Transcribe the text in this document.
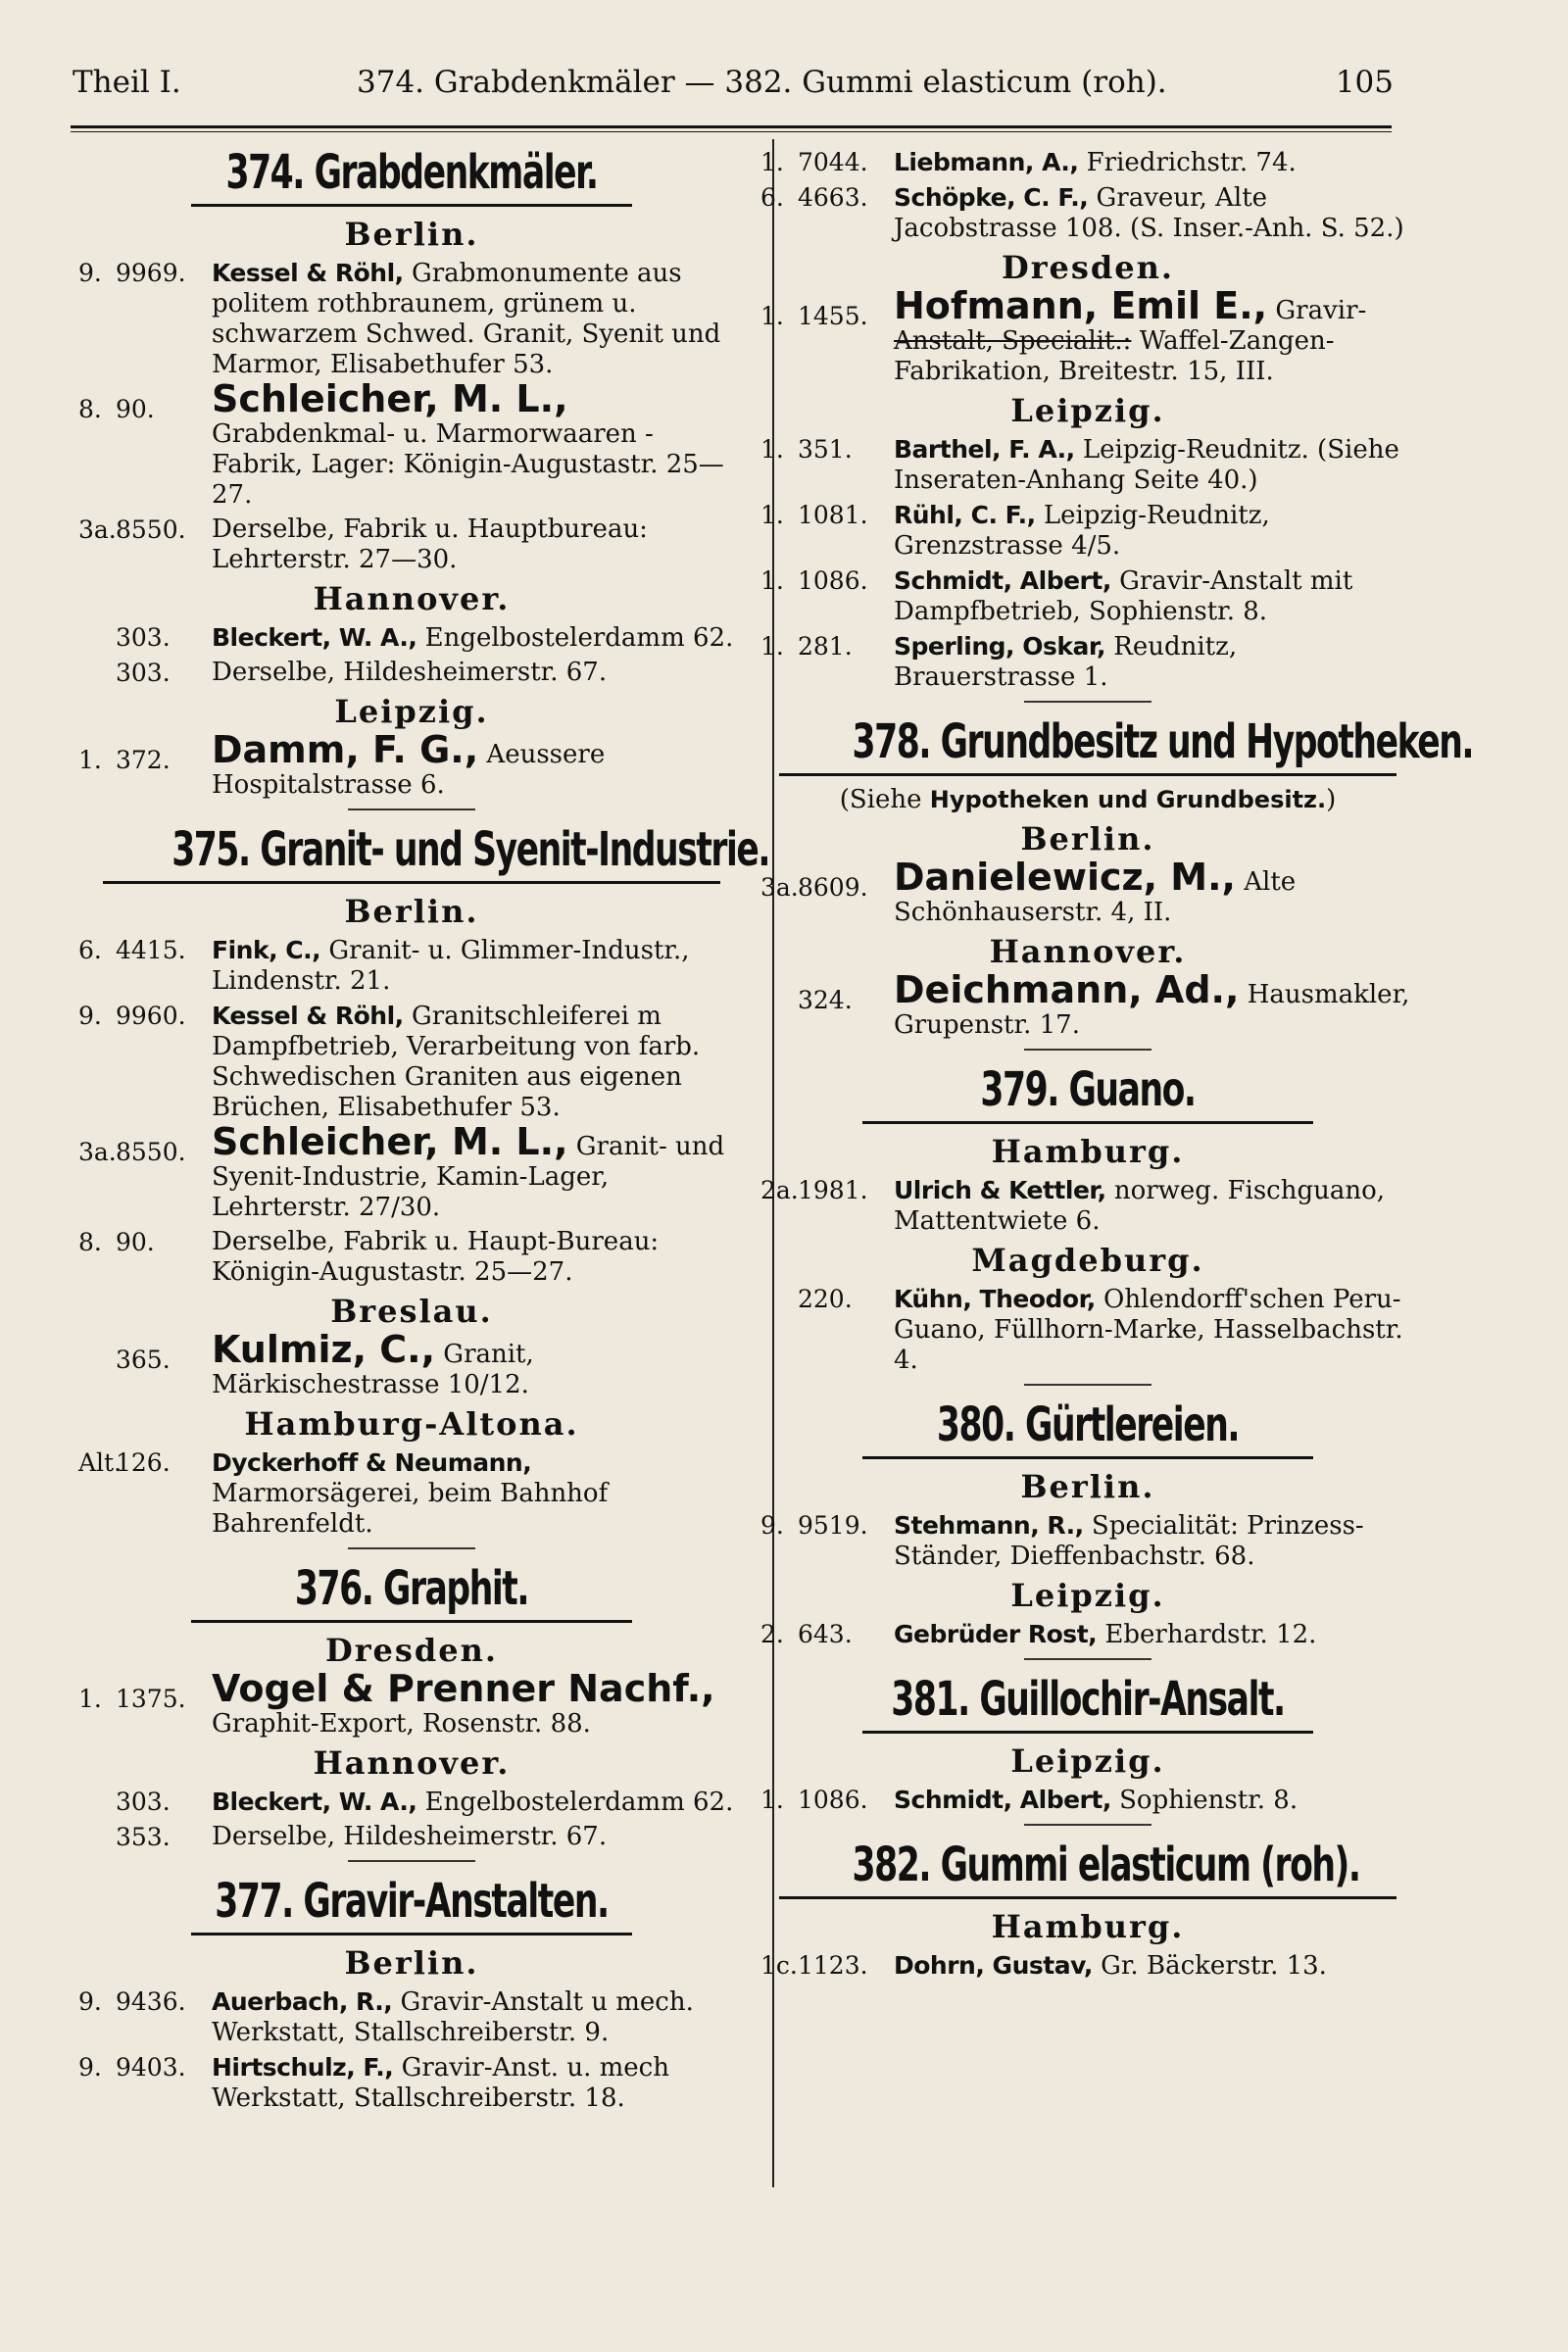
Theil I.	374. Grabdenkmäler — 382. Gummi elasticum (roh).	105
374. Grabdenkmäler.
Berlin.
9. 9969.	Kessel & Röhl, Grabmonumente aus politem rothbraunem, grünem u. schwarzem Schwed. Granit, Syenit und Marmor, Elisabethufer 53.
8. 90.	Schleicher, M. L., Grabdenkmal- u. Marmorwaaren - Fabrik, Lager: Königin-Augustastr. 25—27.
3a.8550.	Derselbe, Fabrik u. Hauptbureau: Lehrterstr. 27—30.
Hannover.
303.	Bleckert, W. A., Engelbostelerdamm 62.
303.	Derselbe, Hildesheimerstr. 67.
Leipzig.
1. 372.	Damm, F. G., Aeussere Hospitalstrasse 6.
375. Granit- und Syenit-Industrie.
Berlin.
6. 4415.	Fink, C., Granit- u. Glimmer-Industr., Lindenstr. 21.
9. 9960.	Kessel & Röhl, Granitschleiferei m Dampfbetrieb, Verarbeitung von farb. Schwedischen Graniten aus eigenen Brüchen, Elisabethufer 53.
3a.8550. Schleicher, M. L., Granit- und Syenit-Industrie, Kamin-Lager, Lehrterstr. 27/30.
8. 90.	Derselbe, Fabrik u. Haupt-Bureau: Königin-Augustastr. 25—27.
Breslau.
365.	Kulmiz, C., Granit, Märkischestrasse 10/12.
Hamburg-Altona.
Alt.126.	Dyckerhoff & Neumann, Marmorsägerei, beim Bahnhof Bahrenfeldt.
376. Graphit.
Dresden.
1. 1375. Vogel & Prenner Nachf., Graphit-Export, Rosenstr. 88.
Hannover.
303.	Bleckert, W. A., Engelbostelerdamm 62.
353.	Derselbe, Hildesheimerstr. 67.
377. Gravir-Anstalten.
Berlin.
9. 9436.	Auerbach, R., Gravir-Anstalt u mech. Werkstatt, Stallschreiberstr. 9.
9. 9403.	Hirtschulz, F., Gravir-Anst. u. mech Werkstatt, Stallschreiberstr. 18.
1. 7044.	Liebmann, A., Friedrichstr. 74.
6. 4663.	Schöpke, C. F., Graveur, Alte Jacobstrasse 108. (S. Inser.-Anh. S. 52.)
Dresden.
1. 1455. Hofmann, Emil E., Gravir- Anstalt, Specialit.: Waffel-Zangen-Fabrikation, Breitestr. 15, III.
Leipzig.
1. 351.	Barthel, F. A., Leipzig-Reudnitz. (Siehe Inseraten-Anhang Seite 40.)
1. 1081.	Rühl, C. F., Leipzig-Reudnitz, Grenzstrasse 4/5.
1. 1086.	Schmidt, Albert, Gravir-Anstalt mit Dampfbetrieb, Sophienstr. 8.
1. 281.	Sperling, Oskar, Reudnitz, Brauerstrasse 1.
378. Grundbesitz und Hypotheken.
(Siehe Hypotheken und Grundbesitz.)
Berlin.
3a.8609. Danielewicz, M., Alte Schönhauserstr. 4, II.
Hannover.
324.	Deichmann, Ad., Hausmakler, Grupenstr. 17.
379. Guano.
Hamburg.
2a.1981.	Ulrich & Kettler, norweg. Fischguano, Mattentwiete 6.
Magdeburg.
220.	Kühn, Theodor, Ohlendorff'schen Peru-Guano, Füllhorn-Marke, Hasselbachstr. 4.
380. Gürtlereien.
Berlin.
9. 9519.	Stehmann, R., Specialität: Prinzess-Ständer, Dieffenbachstr. 68.
Leipzig.
2. 643.	Gebrüder Rost, Eberhardstr. 12.
381. Guillochir-Ansalt.
Leipzig.
1. 1086.	Schmidt, Albert, Sophienstr. 8.
382. Gummi elasticum (roh).
Hamburg.
1c.1123.	Dohrn, Gustav, Gr. Bäckerstr. 13.
